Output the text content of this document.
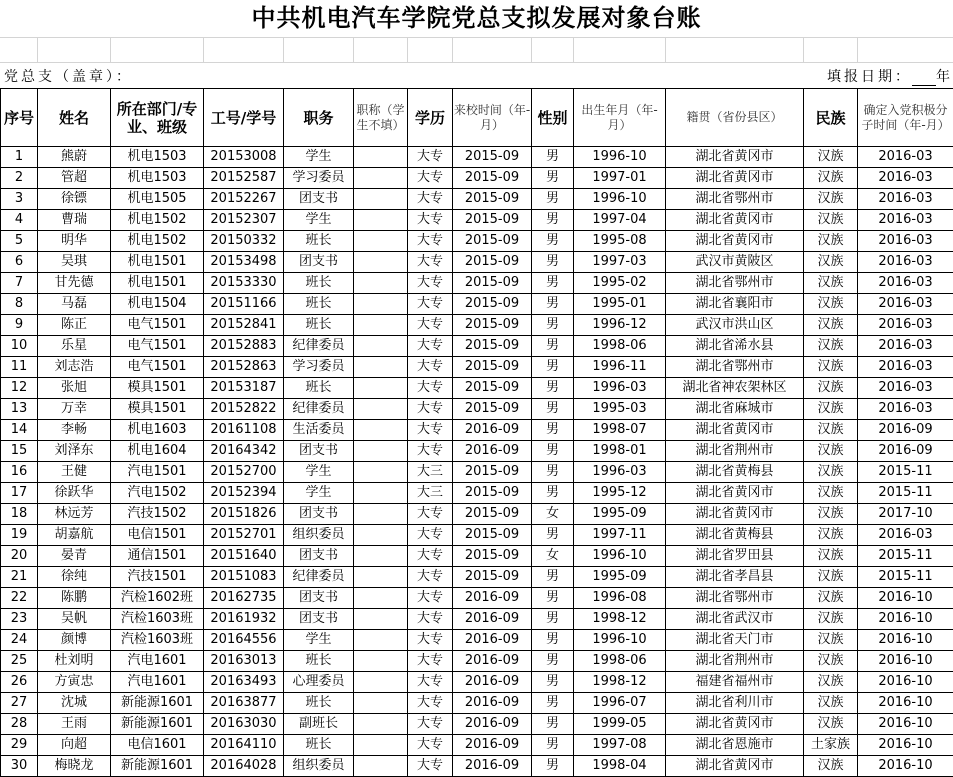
中共机电汽车学院党总支拟发展对象台账
党总支（盖章）：	填报日期： 年
序号	姓名	所在部门/专业、班级	工号/学号	职务	职称（学生不填）	学历	来校时间（年-月）	性别	出生年月（年-月）	籍贯（省份县区）	民族	确定入党积极分子时间（年-月）
1	熊蔚	机电1503	20153008	学生		大专	2015-09	男	1996-10	湖北省黄冈市	汉族	2016-03
2	管超	机电1503	20152587	学习委员		大专	2015-09	男	1997-01	湖北省黄冈市	汉族	2016-03
3	徐镖	机电1505	20152267	团支书		大专	2015-09	男	1996-10	湖北省鄂州市	汉族	2016-03
4	曹瑞	机电1502	20152307	学生		大专	2015-09	男	1997-04	湖北省黄冈市	汉族	2016-03
5	明华	机电1502	20150332	班长		大专	2015-09	男	1995-08	湖北省黄冈市	汉族	2016-03
6	吴琪	机电1501	20153498	团支书		大专	2015-09	男	1997-03	武汉市黄陂区	汉族	2016-03
7	甘先德	机电1501	20153330	班长		大专	2015-09	男	1995-02	湖北省鄂州市	汉族	2016-03
8	马磊	机电1504	20151166	班长		大专	2015-09	男	1995-01	湖北省襄阳市	汉族	2016-03
9	陈正	电气1501	20152841	班长		大专	2015-09	男	1996-12	武汉市洪山区	汉族	2016-03
10	乐星	电气1501	20152883	纪律委员		大专	2015-09	男	1998-06	湖北省浠水县	汉族	2016-03
11	刘志浩	电气1501	20152863	学习委员		大专	2015-09	男	1996-11	湖北省鄂州市	汉族	2016-03
12	张旭	模具1501	20153187	班长		大专	2015-09	男	1996-03	湖北省神农架林区	汉族	2016-03
13	万幸	模具1501	20152822	纪律委员		大专	2015-09	男	1995-03	湖北省麻城市	汉族	2016-03
14	李畅	机电1603	20161108	生活委员		大专	2016-09	男	1998-07	湖北省黄冈市	汉族	2016-09
15	刘泽东	机电1604	20164342	团支书		大专	2016-09	男	1998-01	湖北省荆州市	汉族	2016-09
16	王健	汽电1501	20152700	学生		大三	2015-09	男	1996-03	湖北省黄梅县	汉族	2015-11
17	徐跃华	汽电1502	20152394	学生		大三	2015-09	男	1995-12	湖北省黄冈市	汉族	2015-11
18	林远芳	汽技1502	20151826	团支书		大专	2015-09	女	1995-09	湖北省黄冈市	汉族	2017-10
19	胡嘉航	电信1501	20152701	组织委员		大专	2015-09	男	1997-11	湖北省黄梅县	汉族	2016-03
20	晏青	通信1501	20151640	团支书		大专	2015-09	女	1996-10	湖北省罗田县	汉族	2015-11
21	徐纯	汽技1501	20151083	纪律委员		大专	2015-09	男	1995-09	湖北省孝昌县	汉族	2015-11
22	陈鹏	汽检1602班	20162735	团支书		大专	2016-09	男	1996-08	湖北省鄂州市	汉族	2016-10
23	吴帆	汽检1603班	20161932	团支书		大专	2016-09	男	1998-12	湖北省武汉市	汉族	2016-10
24	颜博	汽检1603班	20164556	学生		大专	2016-09	男	1996-10	湖北省天门市	汉族	2016-10
25	杜刘明	汽电1601	20163013	班长		大专	2016-09	男	1998-06	湖北省荆州市	汉族	2016-10
26	方寅忠	汽电1601	20163493	心理委员		大专	2016-09	男	1998-12	福建省福州市	汉族	2016-10
27	沈城	新能源1601	20163877	班长		大专	2016-09	男	1996-07	湖北省利川市	汉族	2016-10
28	王雨	新能源1601	20163030	副班长		大专	2016-09	男	1999-05	湖北省黄冈市	汉族	2016-10
29	向超	电信1601	20164110	班长		大专	2016-09	男	1997-08	湖北省恩施市	土家族	2016-10
30	梅晓龙	新能源1601	20164028	组织委员		大专	2016-09	男	1998-04	湖北省黄冈市	汉族	2016-10
